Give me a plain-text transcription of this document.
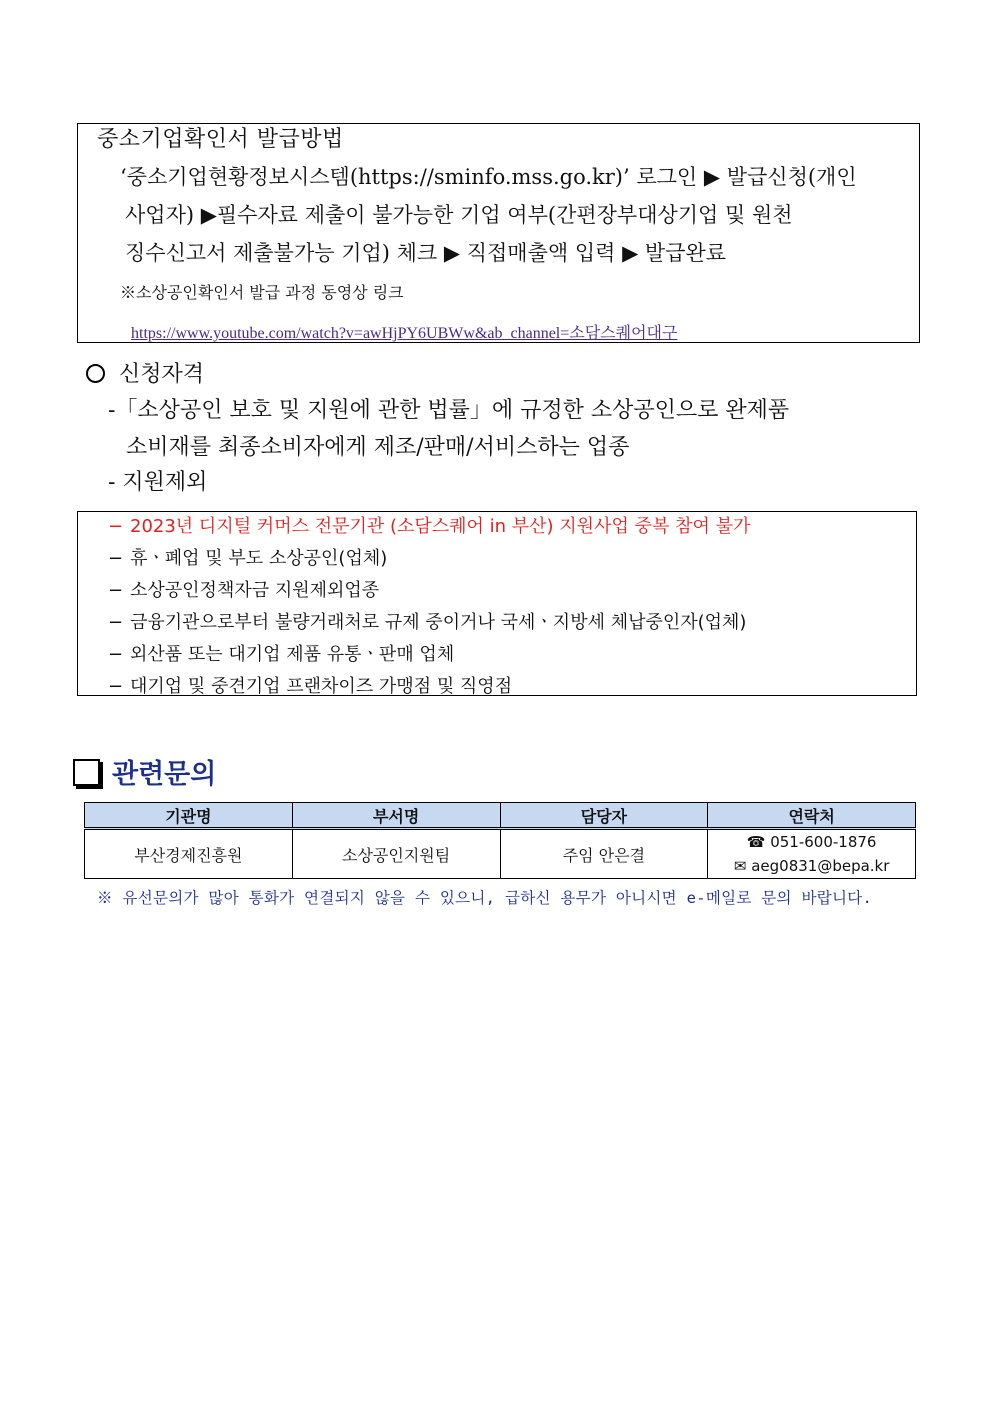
중소기업확인서 발급방법
‘중소기업현황정보시스템(https://sminfo.mss.go.kr)’ 로그인 ▶ 발급신청(개인
사업자) ▶필수자료 제출이 불가능한 기업 여부(간편장부대상기업 및 원천
징수신고서 제출불가능 기업) 체크 ▶ 직접매출액 입력 ▶ 발급완료
※소상공인확인서 발급 과정 동영상 링크
https://www.youtube.com/watch?v=awHjPY6UBWw&ab_channel=소담스퀘어대구
신청자격
-「소상공인 보호 및 지원에 관한 법률」에 규정한 소상공인으로 완제품
소비재를 최종소비자에게 제조/판매/서비스하는 업종
- 지원제외
− 2023년 디지털 커머스 전문기관 (소담스퀘어 in 부산) 지원사업 중복 참여 불가
− 휴ㆍ폐업 및 부도 소상공인(업체)
− 소상공인정책자금 지원제외업종
− 금융기관으로부터 불량거래처로 규제 중이거나 국세ㆍ지방세 체납중인자(업체)
− 외산품 또는 대기업 제품 유통ㆍ판매 업체
− 대기업 및 중견기업 프랜차이즈 가맹점 및 직영점
관련문의
기관명	부서명	담당자	연락처
부산경제진흥원	소상공인지원팀	주임 안은결	☎ 051-600-1876
✉ aeg0831@bepa.kr
※ 유선문의가 많아 통화가 연결되지 않을 수 있으니, 급하신 용무가 아니시면 e-메일로 문의 바랍니다.
